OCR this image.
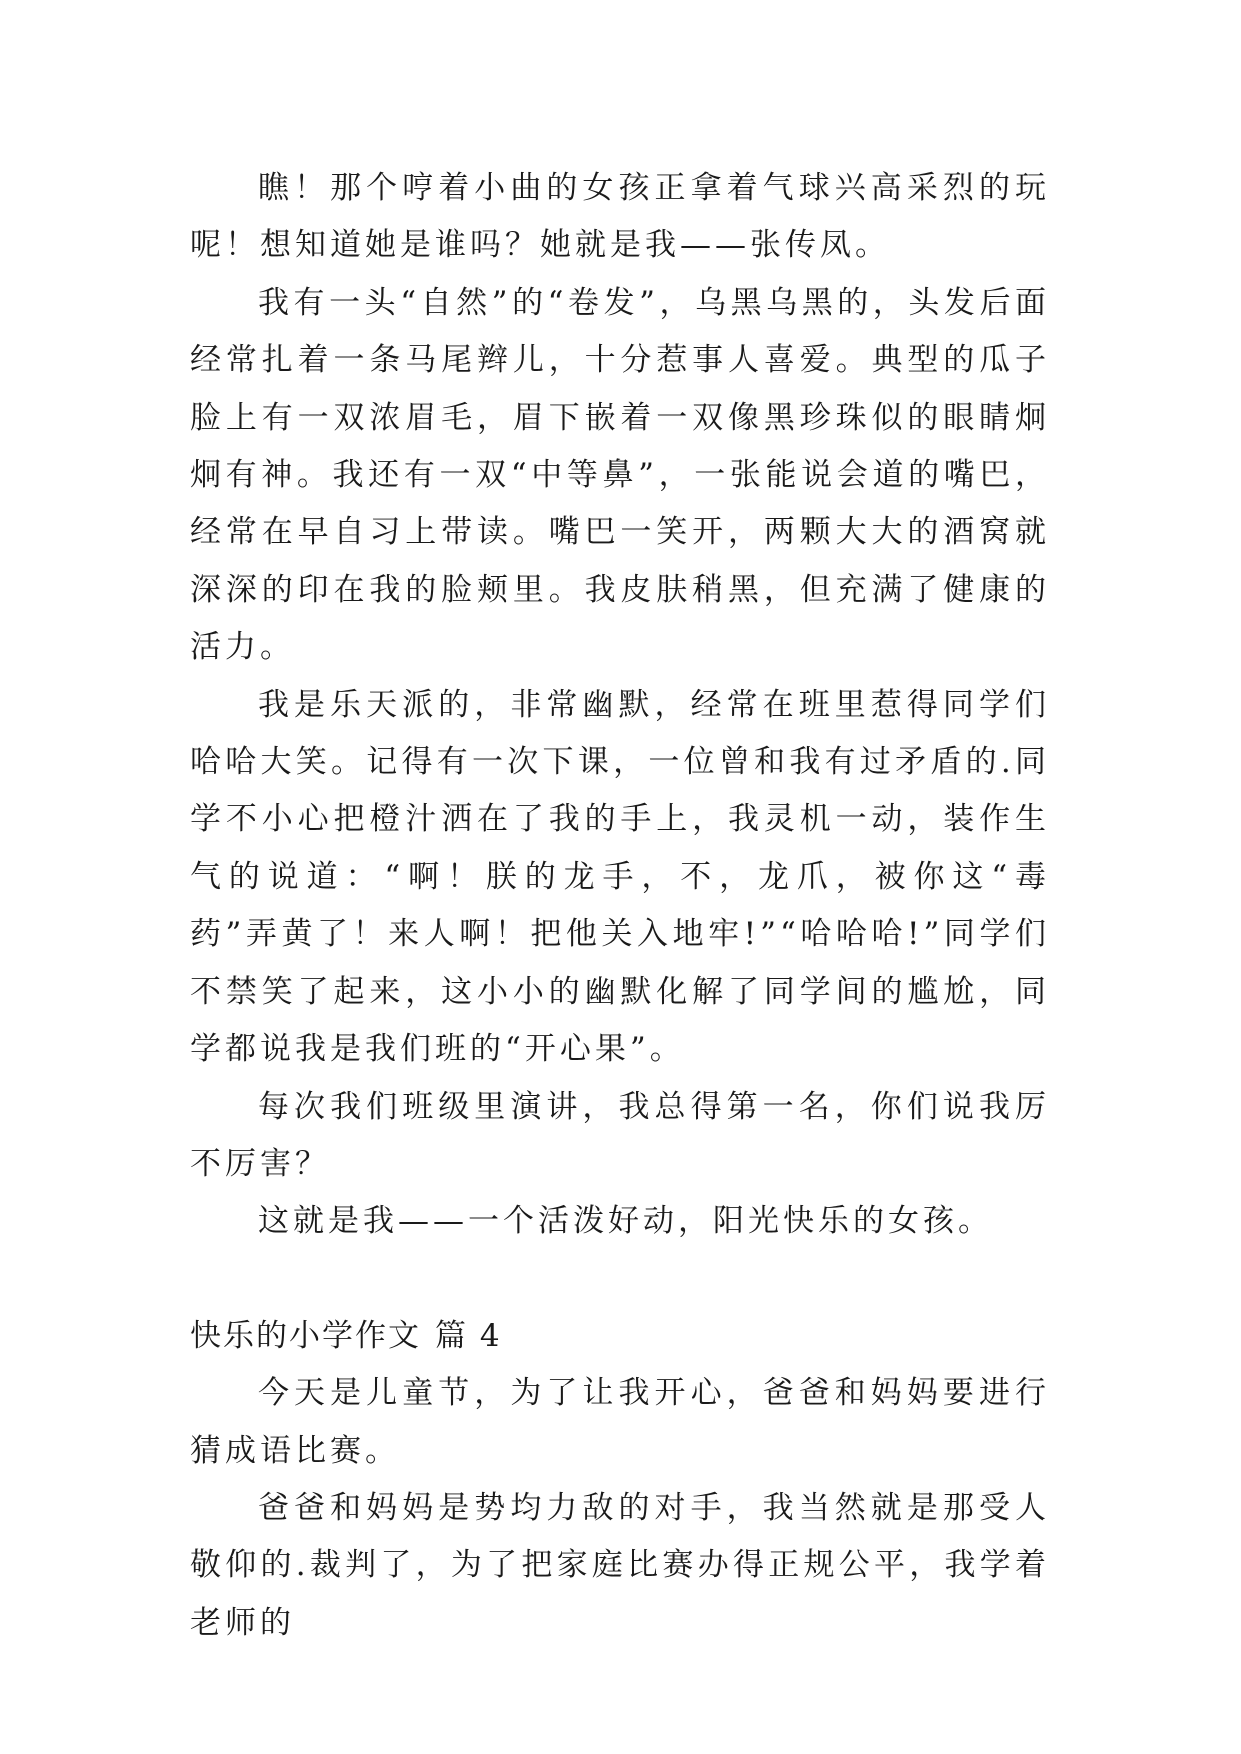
瞧！那个哼着小曲的女孩正拿着气球兴高采烈的玩呢！想知道她是谁吗？她就是我——张传凤。

我有一头“自然”的“卷发”，乌黑乌黑的，头发后面经常扎着一条马尾辫儿，十分惹事人喜爱。典型的瓜子脸上有一双浓眉毛，眉下嵌着一双像黑珍珠似的眼睛炯炯有神。我还有一双“中等鼻”，一张能说会道的嘴巴，经常在早自习上带读。嘴巴一笑开，两颗大大的酒窝就深深的印在我的脸颊里。我皮肤稍黑，但充满了健康的活力。

我是乐天派的，非常幽默，经常在班里惹得同学们哈哈大笑。记得有一次下课，一位曾和我有过矛盾的.同学不小心把橙汁洒在了我的手上，我灵机一动，装作生气的说道：“啊！朕的龙手，不，龙爪，被你这“毒药”弄黄了！来人啊！把他关入地牢!”“哈哈哈!”同学们不禁笑了起来，这小小的幽默化解了同学间的尴尬，同学都说我是我们班的“开心果”。

每次我们班级里演讲，我总得第一名，你们说我厉不厉害？

这就是我——一个活泼好动，阳光快乐的女孩。

快乐的小学作文 篇 4

今天是儿童节，为了让我开心，爸爸和妈妈要进行猜成语比赛。

爸爸和妈妈是势均力敌的对手，我当然就是那受人敬仰的.裁判了，为了把家庭比赛办得正规公平，我学着老师的
